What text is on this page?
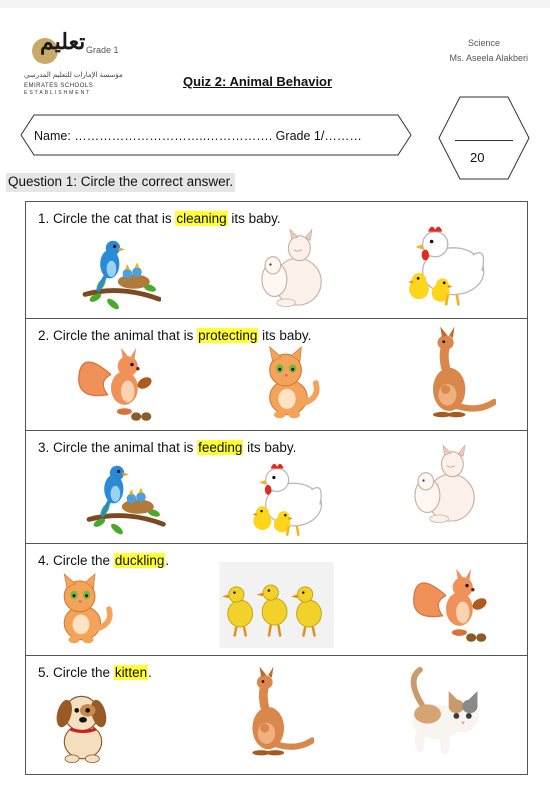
تعليم
مؤسسة الإمارات للتعليم المدرسي
EMIRATES SCHOOLS
ESTABLISHMENT
Grade 1
Science
Ms. Aseela Alakberi
Quiz 2: Animal Behavior
Name: …………………………..……………. Grade 1/………
20
Question 1: Circle the correct answer.
1. Circle the cat that is cleaning its baby.
2. Circle the animal that is protecting its baby.
3. Circle the animal that is feeding its baby.
4. Circle the duckling.
5. Circle the kitten.
